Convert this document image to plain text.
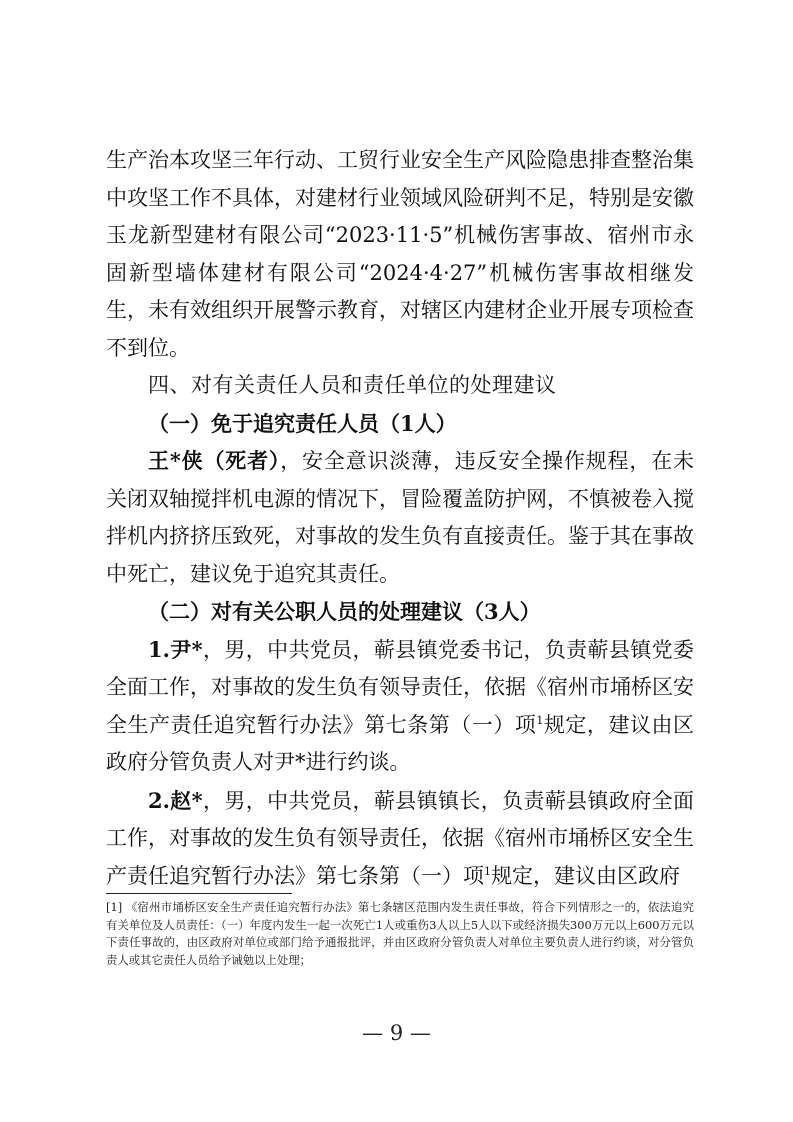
生产治本攻坚三年行动、工贸行业安全生产风险隐患排查整治集中攻坚工作不具体，对建材行业领域风险研判不足，特别是安徽玉龙新型建材有限公司“2023·11·5”机械伤害事故、宿州市永固新型墙体建材有限公司“2024·4·27”机械伤害事故相继发生，未有效组织开展警示教育，对辖区内建材企业开展专项检查不到位。

四、对有关责任人员和责任单位的处理建议

（一）免于追究责任人员（1人）

王*侠（死者），安全意识淡薄，违反安全操作规程，在未关闭双轴搅拌机电源的情况下，冒险覆盖防护网，不慎被卷入搅拌机内挤挤压致死，对事故的发生负有直接责任。鉴于其在事故中死亡，建议免于追究其责任。

（二）对有关公职人员的处理建议（3人）

1.尹*，男，中共党员，蕲县镇党委书记，负责蕲县镇党委全面工作，对事故的发生负有领导责任，依据《宿州市埇桥区安全生产责任追究暂行办法》第七条第（一）项$^1$规定，建议由区政府分管负责人对尹*进行约谈。

2.赵*，男，中共党员，蕲县镇镇长，负责蕲县镇政府全面工作，对事故的发生负有领导责任，依据《宿州市埇桥区安全生产责任追究暂行办法》第七条第（一）项$^1$规定，建议由区政府

[1] 《宿州市埇桥区安全生产责任追究暂行办法》第七条辖区范围内发生责任事故，符合下列情形之一的，依法追究有关单位及人员责任：（一）年度内发生一起一次死亡1人或重伤3人以上5人以下或经济损失300万元以上600万元以下责任事故的，由区政府对单位或部门给予通报批评，并由区政府分管负责人对单位主要负责人进行约谈，对分管负责人或其它责任人员给予诫勉以上处理；
— 9 —
